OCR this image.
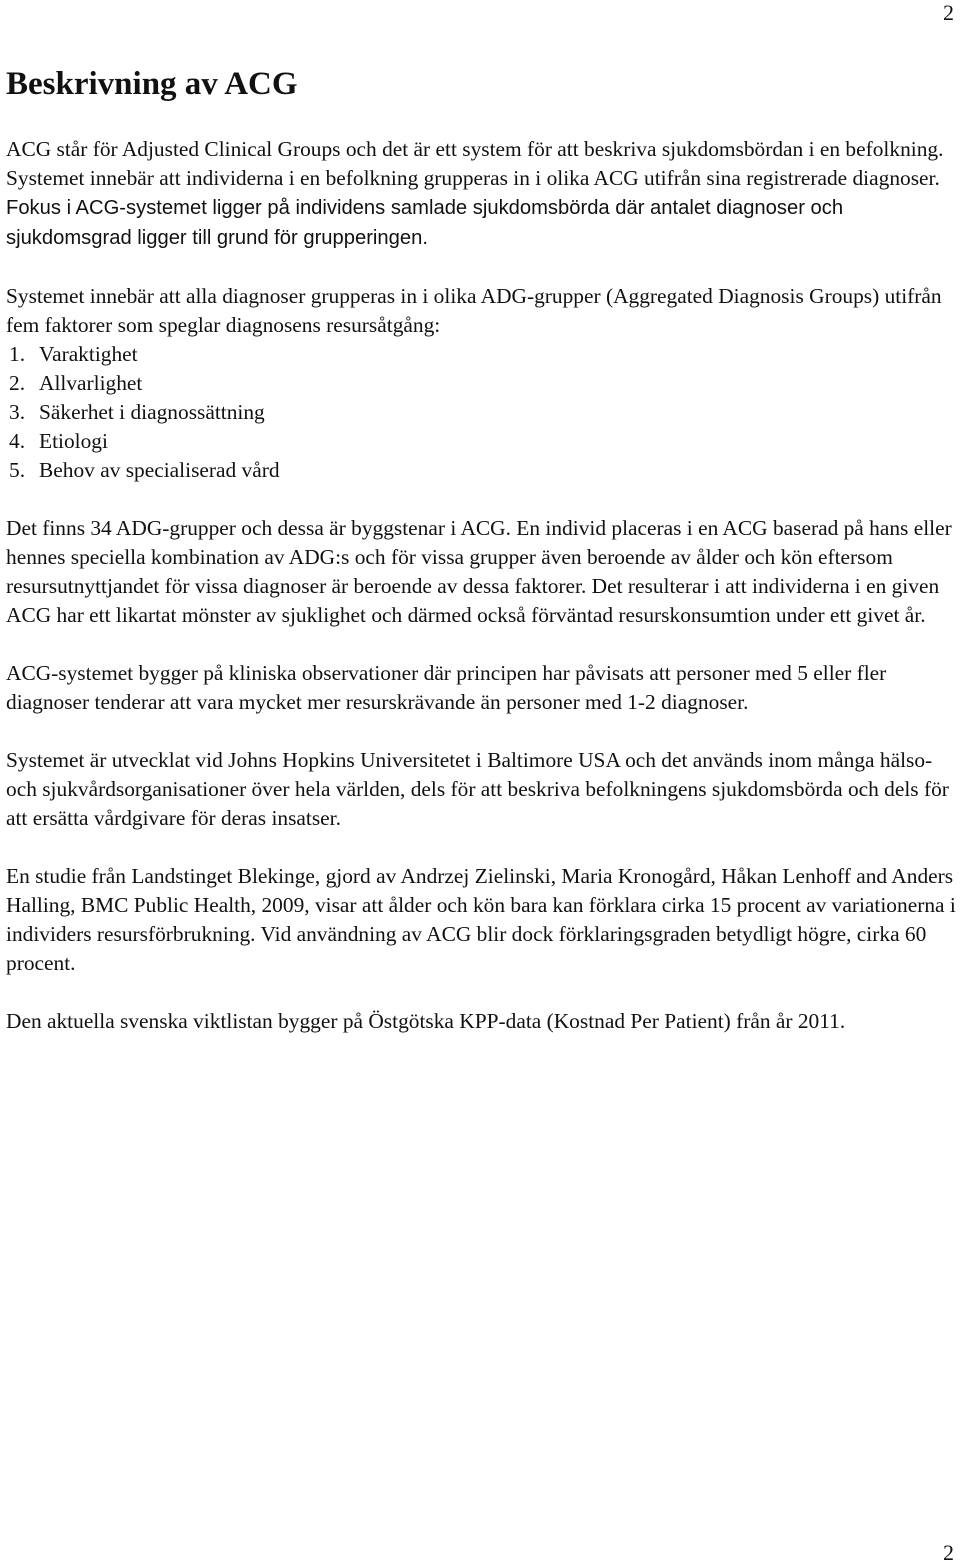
2
Beskrivning av ACG

ACG står för Adjusted Clinical Groups och det är ett system för att beskriva sjukdomsbördan i en befolkning. Systemet innebär att individerna i en befolkning grupperas in i olika ACG utifrån sina registrerade diagnoser. Fokus i ACG-systemet ligger på individens samlade sjukdomsbörda där antalet diagnoser och sjukdomsgrad ligger till grund för grupperingen.

Systemet innebär att alla diagnoser grupperas in i olika ADG-grupper (Aggregated Diagnosis Groups) utifrån fem faktorer som speglar diagnosens resursåtgång:

1. Varaktighet
2. Allvarlighet
3. Säkerhet i diagnossättning
4. Etiologi
5. Behov av specialiserad vård

Det finns 34 ADG-grupper och dessa är byggstenar i ACG. En individ placeras i en ACG baserad på hans eller hennes speciella kombination av ADG:s och för vissa grupper även beroende av ålder och kön eftersom resursutnyttjandet för vissa diagnoser är beroende av dessa faktorer. Det resulterar i att individerna i en given ACG har ett likartat mönster av sjuklighet och därmed också förväntad resurskonsumtion under ett givet år.

ACG-systemet bygger på kliniska observationer där principen har påvisats att personer med 5 eller fler diagnoser tenderar att vara mycket mer resurskrävande än personer med 1-2 diagnoser.

Systemet är utvecklat vid Johns Hopkins Universitetet i Baltimore USA och det används inom många hälso- och sjukvårdsorganisationer över hela världen, dels för att beskriva befolkningens sjukdomsbörda och dels för att ersätta vårdgivare för deras insatser.

En studie från Landstinget Blekinge, gjord av Andrzej Zielinski, Maria Kronogård, Håkan Lenhoff and Anders Halling, BMC Public Health, 2009, visar att ålder och kön bara kan förklara cirka 15 procent av variationerna i individers resursförbrukning. Vid användning av ACG blir dock förklaringsgraden betydligt högre, cirka 60 procent.

Den aktuella svenska viktlistan bygger på Östgötska KPP-data (Kostnad Per Patient) från år 2011.

2
